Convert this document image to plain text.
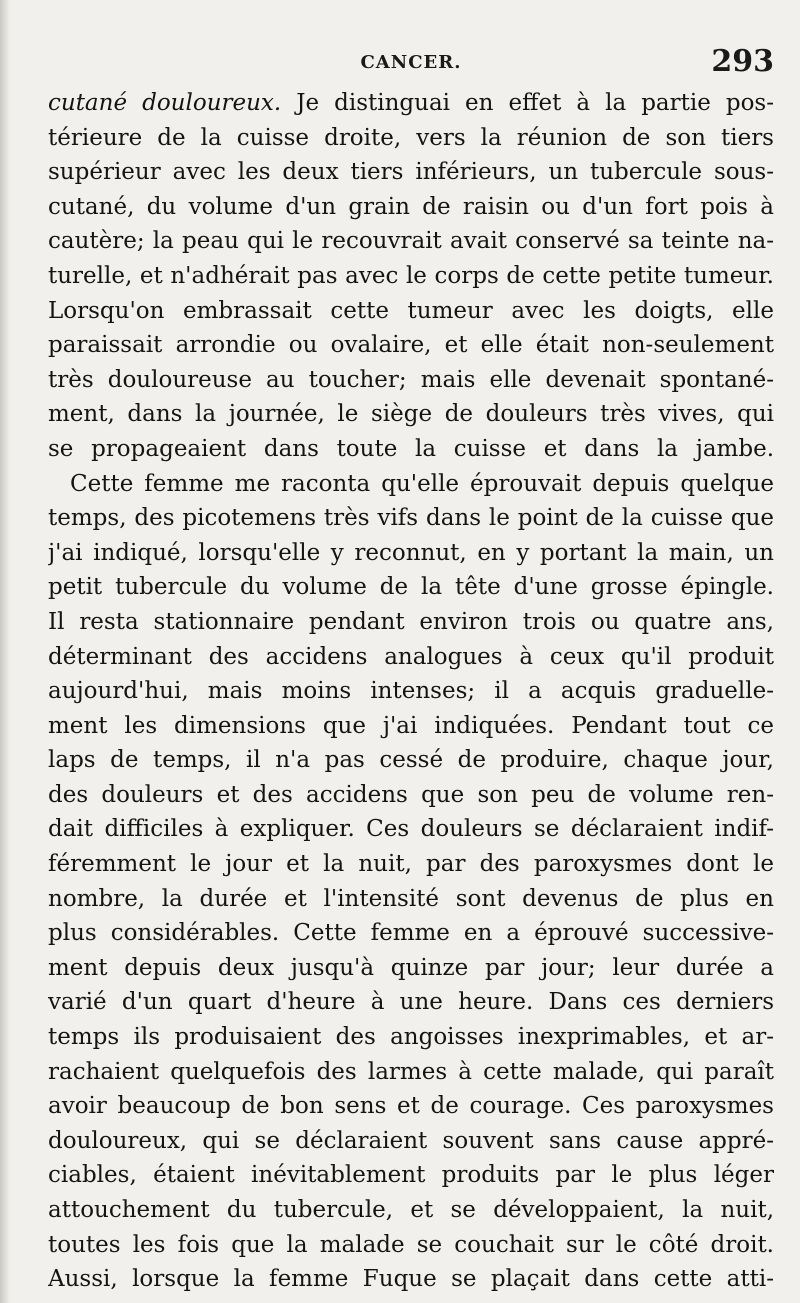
CANCER.	293
cutané douloureux. Je distinguai en effet à la partie pos-
térieure de la cuisse droite, vers la réunion de son tiers
supérieur avec les deux tiers inférieurs, un tubercule sous-
cutané, du volume d'un grain de raisin ou d'un fort pois à
cautère; la peau qui le recouvrait avait conservé sa teinte na-
turelle, et n'adhérait pas avec le corps de cette petite tumeur.
Lorsqu'on embrassait cette tumeur avec les doigts, elle
paraissait arrondie ou ovalaire, et elle était non-seulement
très douloureuse au toucher; mais elle devenait spontané-
ment, dans la journée, le siège de douleurs très vives, qui
se propageaient dans toute la cuisse et dans la jambe.
Cette femme me raconta qu'elle éprouvait depuis quelque
temps, des picotemens très vifs dans le point de la cuisse que
j'ai indiqué, lorsqu'elle y reconnut, en y portant la main, un
petit tubercule du volume de la tête d'une grosse épingle.
Il resta stationnaire pendant environ trois ou quatre ans,
déterminant des accidens analogues à ceux qu'il produit
aujourd'hui, mais moins intenses; il a acquis graduelle-
ment les dimensions que j'ai indiquées. Pendant tout ce
laps de temps, il n'a pas cessé de produire, chaque jour,
des douleurs et des accidens que son peu de volume ren-
dait difficiles à expliquer. Ces douleurs se déclaraient indif-
féremment le jour et la nuit, par des paroxysmes dont le
nombre, la durée et l'intensité sont devenus de plus en
plus considérables. Cette femme en a éprouvé successive-
ment depuis deux jusqu'à quinze par jour; leur durée a
varié d'un quart d'heure à une heure. Dans ces derniers
temps ils produisaient des angoisses inexprimables, et ar-
rachaient quelquefois des larmes à cette malade, qui paraît
avoir beaucoup de bon sens et de courage. Ces paroxysmes
douloureux, qui se déclaraient souvent sans cause appré-
ciables, étaient inévitablement produits par le plus léger
attouchement du tubercule, et se développaient, la nuit,
toutes les fois que la malade se couchait sur le côté droit.
Aussi, lorsque la femme Fuque se plaçait dans cette atti-
